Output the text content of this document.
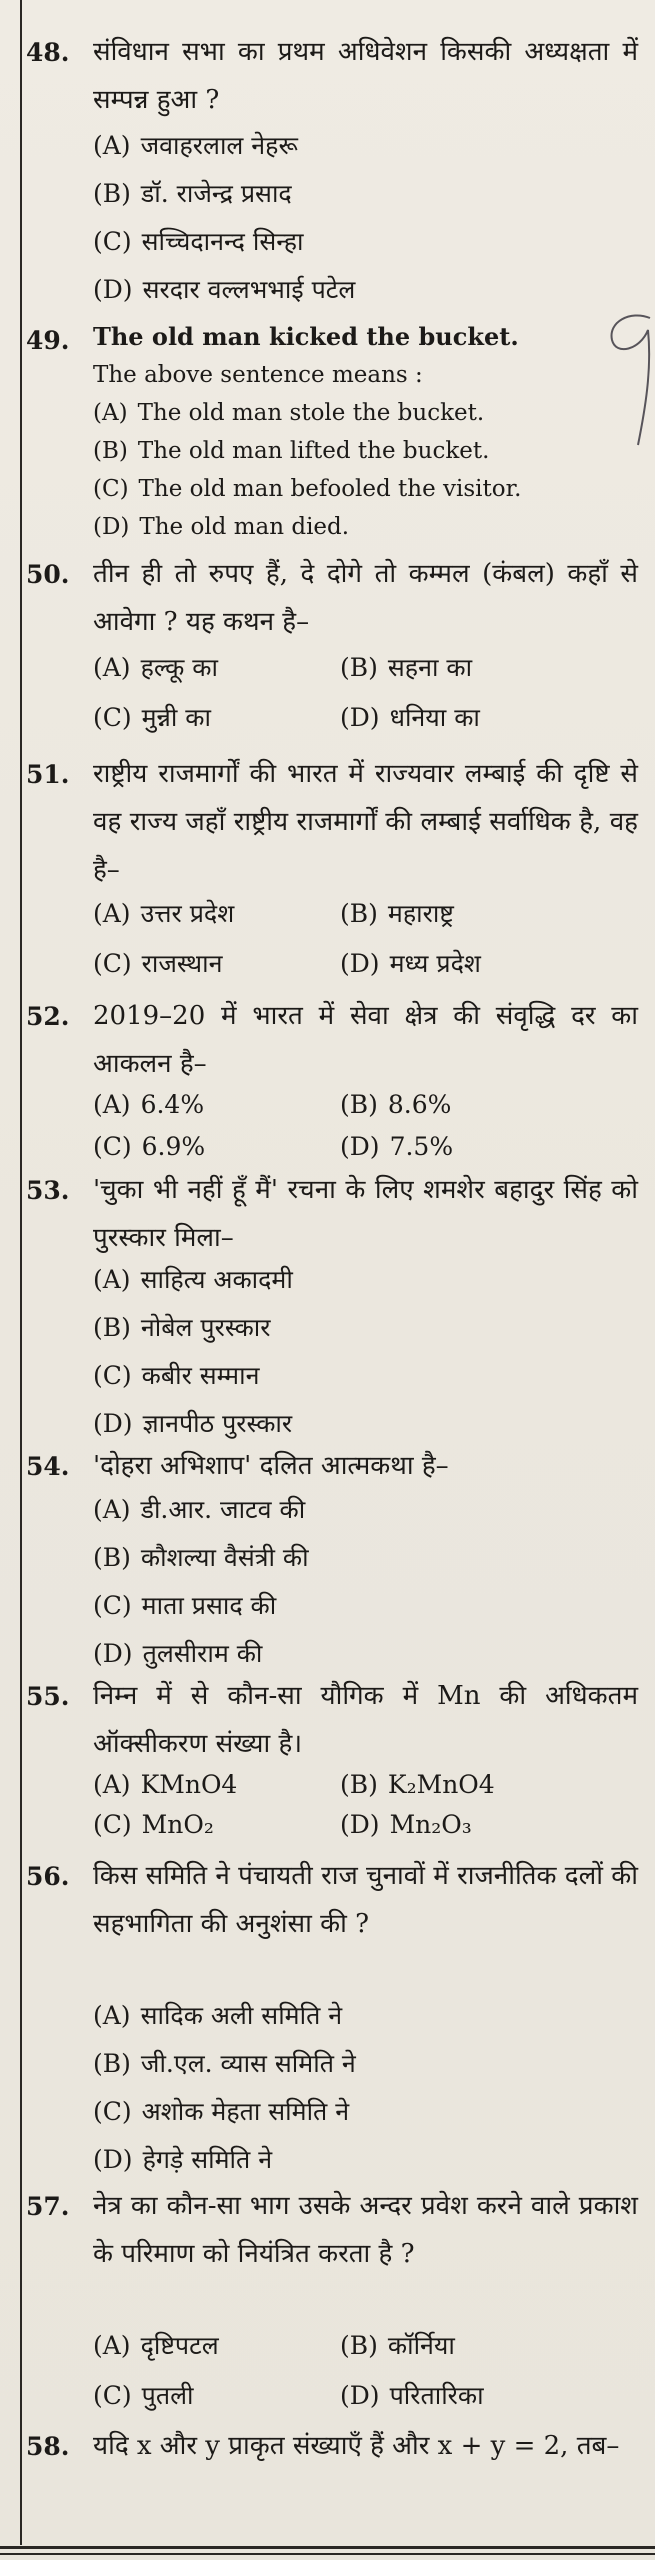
48. संविधान सभा का प्रथम अधिवेशन किसकी अध्यक्षता में सम्पन्न हुआ ?
(A) जवाहरलाल नेहरू
(B) डॉ. राजेन्द्र प्रसाद
(C) सच्चिदानन्द सिन्हा
(D) सरदार वल्लभभाई पटेल
49. The old man kicked the bucket.
The above sentence means :
(A) The old man stole the bucket.
(B) The old man lifted the bucket.
(C) The old man befooled the visitor.
(D) The old man died.
50. तीन ही तो रुपए हैं, दे दोगे तो कम्मल (कंबल) कहाँ से आवेगा ? यह कथन है–
(A) हल्कू का	(B) सहना का
(C) मुन्नी का	(D) धनिया का
51. राष्ट्रीय राजमार्गों की भारत में राज्यवार लम्बाई की दृष्टि से वह राज्य जहाँ राष्ट्रीय राजमार्गों की लम्बाई सर्वाधिक है, वह है–
(A) उत्तर प्रदेश	(B) महाराष्ट्र
(C) राजस्थान	(D) मध्य प्रदेश
52. 2019–20 में भारत में सेवा क्षेत्र की संवृद्धि दर का आकलन है–
(A) 6.4%	(B) 8.6%
(C) 6.9%	(D) 7.5%
53. 'चुका भी नहीं हूँ मैं' रचना के लिए शमशेर बहादुर सिंह को पुरस्कार मिला–
(A) साहित्य अकादमी
(B) नोबेल पुरस्कार
(C) कबीर सम्मान
(D) ज्ञानपीठ पुरस्कार
54. 'दोहरा अभिशाप' दलित आत्मकथा है–
(A) डी.आर. जाटव की
(B) कौशल्या वैसंत्री की
(C) माता प्रसाद की
(D) तुलसीराम की
55. निम्न में से कौन-सा यौगिक में Mn की अधिकतम ऑक्सीकरण संख्या है।
(A) KMnO4	(B) K₂MnO4
(C) MnO₂	(D) Mn₂O₃
56. किस समिति ने पंचायती राज चुनावों में राजनीतिक दलों की सहभागिता की अनुशंसा की ?
(A) सादिक अली समिति ने
(B) जी.एल. व्यास समिति ने
(C) अशोक मेहता समिति ने
(D) हेगड़े समिति ने
57. नेत्र का कौन-सा भाग उसके अन्दर प्रवेश करने वाले प्रकाश के परिमाण को नियंत्रित करता है ?
(A) दृष्टिपटल	(B) कॉर्निया
(C) पुतली	(D) परितारिका
58. यदि x और y प्राकृत संख्याएँ हैं और x + y = 2, तब–
